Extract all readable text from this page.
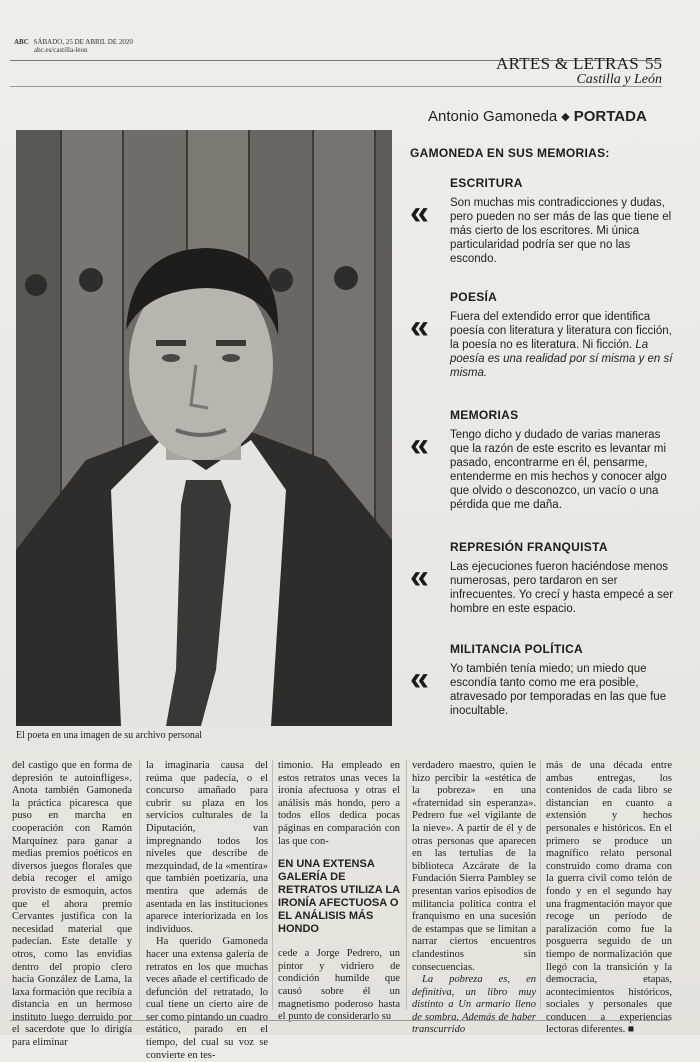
ABC SÁBADO, 25 DE ABRIL DE 2020
abc.es/castilla-leon
ARTES & LETRAS 55
Castilla y León
Antonio Gamoneda ◆ PORTADA
El poeta en una imagen de su archivo personal
GAMONEDA EN SUS MEMORIAS:
ESCRITURA
« Son muchas mis contradicciones y dudas, pero pueden no ser más de las que tiene el más cierto de los escritores. Mi única particularidad podría ser que no las escondo.
POESÍA
« Fuera del extendido error que identifica poesía con literatura y literatura con ficción, la poesía no es literatura. Ni ficción. La poesía es una realidad por sí misma y en sí misma.
MEMORIAS
« Tengo dicho y dudado de varias maneras que la razón de este escrito es levantar mi pasado, encontrarme en él, pensarme, entenderme en mis hechos y conocer algo que olvido o desconozco, un vacío o una pérdida que me daña.
REPRESIÓN FRANQUISTA
« Las ejecuciones fueron haciéndose menos numerosas, pero tardaron en ser infrecuentes. Yo crecí y hasta empecé a ser hombre en este espacio.
MILITANCIA POLÍTICA
« Yo también tenía miedo; un miedo que escondía tanto como me era posible, atravesado por temporadas en las que fue inocultable.

del castigo que en forma de depresión te autoinfliges». Anota también Gamoneda la práctica picaresca que puso en marcha en cooperación con Ramón Marquínez para ganar a medias premios poéticos en diversos juegos florales que debía recoger el amigo provisto de esmoquin, actos que el ahora premio Cervantes justifica con la necesidad material que padecían. Este detalle y otros, como las envidias dentro del propio clero hacia González de Lama, la laxa formación que recibía a distancia en un hermoso instituto luego derruido por el sacerdote que lo dirigía para eliminar

la imaginaria causa del reúma que padecía, o el concurso amañado para cubrir su plaza en los servicios culturales de la Diputación, van impregnando todos los niveles que describe de mezquindad, de la «mentira» que también poetizaría, una mentira que además de asentada en las instituciones aparece interiorizada en los individuos.

Ha querido Gamoneda hacer una extensa galería de retratos en los que muchas veces añade el certificado de defunción del retratado, lo cual tiene un cierto aire de ser como pintando un cuadro estático, parado en el tiempo, del cual su voz se convierte en tes-

timonio. Ha empleado en estos retratos unas veces la ironía afectuosa y otras el análisis más hondo, pero a todos ellos dedica pocas páginas en comparación con las que con-

EN UNA EXTENSA GALERÍA DE RETRATOS UTILIZA LA IRONÍA AFECTUOSA O EL ANÁLISIS MÁS HONDO

cede a Jorge Pedrero, un pintor y vidriero de condición humilde que causó sobre él un magnetismo poderoso hasta el punto de considerarlo su

verdadero maestro, quien le hizo percibir la «estética de la pobreza» en una «fraternidad sin esperanza». Pedrero fue «el vigilante de la nieve». A partir de él y de otras personas que aparecen en las tertulias de la biblioteca Azcárate de la Fundación Sierra Pambley se presentan varios episodios de militancia política contra el franquismo en una sucesión de estampas que se limitan a narrar ciertos encuentros clandestinos sin consecuencias.

La pobreza es, en definitiva, un libro muy distinto a Un armario lleno de sombra. Además de haber transcurrido

más de una década entre ambas entregas, los contenidos de cada libro se distancian en cuanto a extensión y hechos personales e históricos. En el primero se produce un magnífico relato personal construido como drama con la guerra civil como telón de fondo y en el segundo hay una fragmentación mayor que recoge un período de paralización como fue la posguerra seguido de un tiempo de normalización que llegó con la transición y la democracia, etapas, acontecimientos históricos, sociales y personales que conducen a experiencias lectoras diferentes. ■
